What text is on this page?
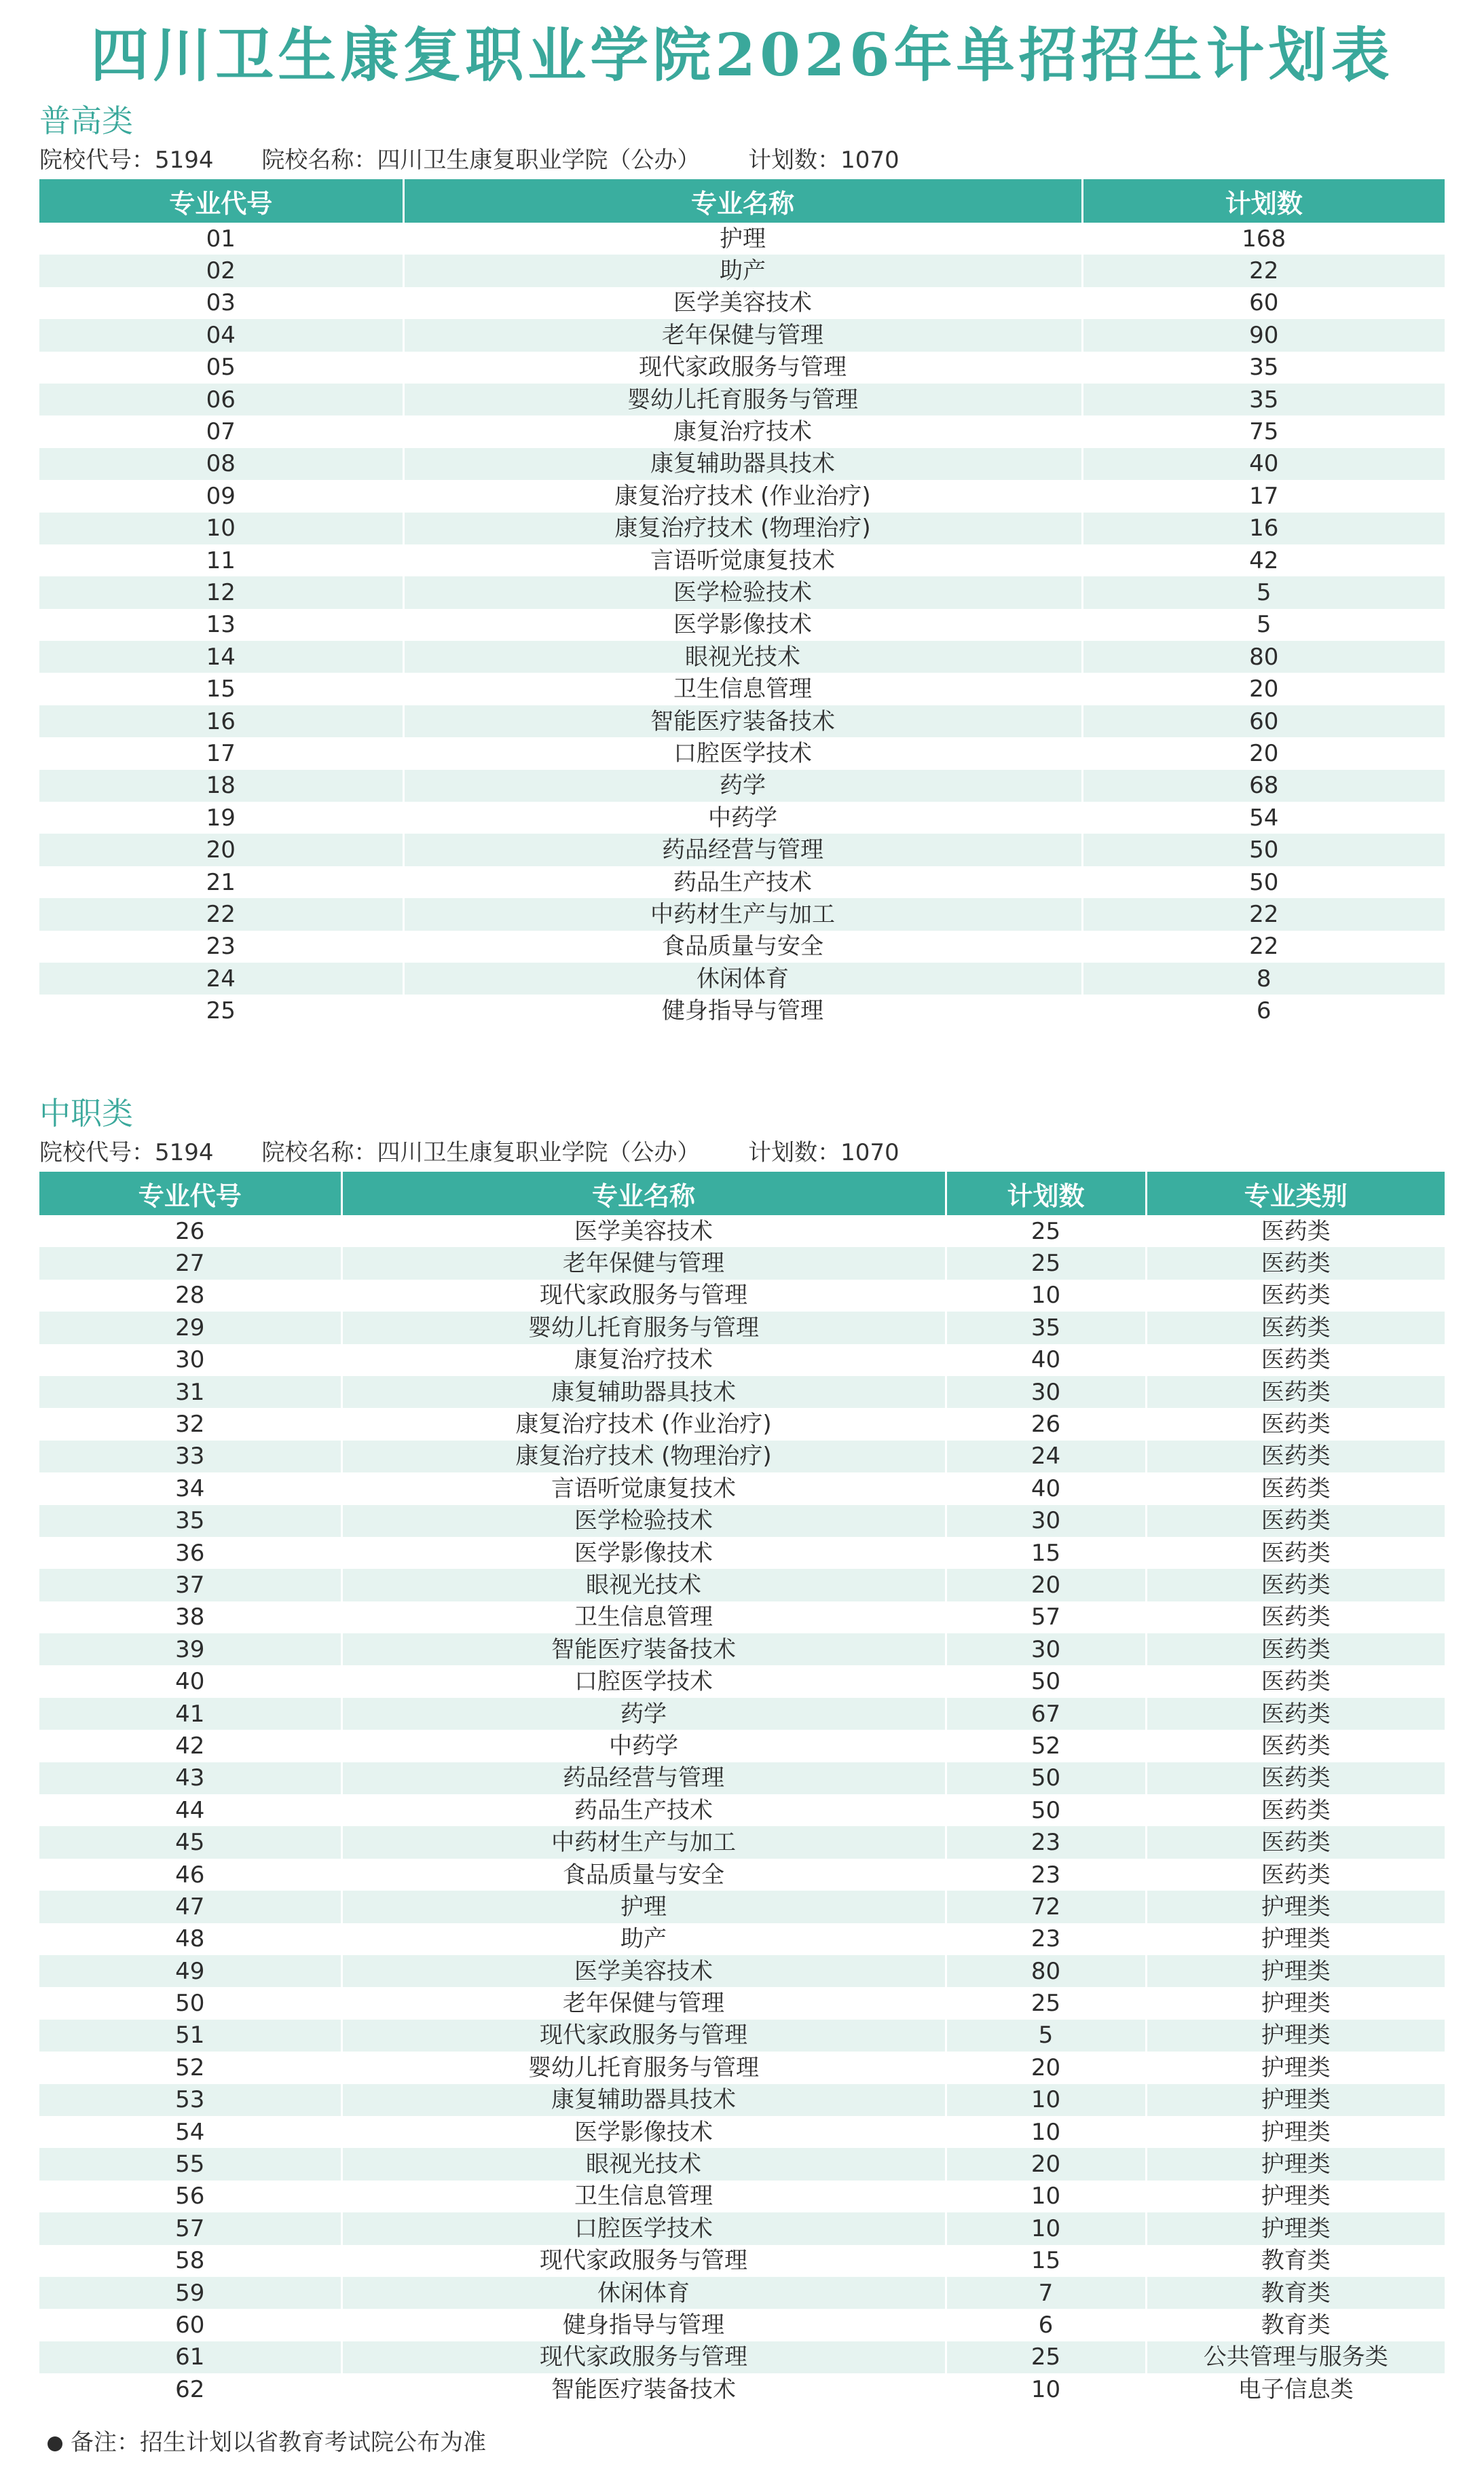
四川卫生康复职业学院2026年单招招生计划表
普高类
院校代号：5194 院校名称：四川卫生康复职业学院（公办） 计划数：1070
专业代号	专业名称	计划数
01	护理	168
02	助产	22
03	医学美容技术	60
04	老年保健与管理	90
05	现代家政服务与管理	35
06	婴幼儿托育服务与管理	35
07	康复治疗技术	75
08	康复辅助器具技术	40
09	康复治疗技术 (作业治疗)	17
10	康复治疗技术 (物理治疗)	16
11	言语听觉康复技术	42
12	医学检验技术	5
13	医学影像技术	5
14	眼视光技术	80
15	卫生信息管理	20
16	智能医疗装备技术	60
17	口腔医学技术	20
18	药学	68
19	中药学	54
20	药品经营与管理	50
21	药品生产技术	50
22	中药材生产与加工	22
23	食品质量与安全	22
24	休闲体育	8
25	健身指导与管理	6
中职类
院校代号：5194 院校名称：四川卫生康复职业学院（公办） 计划数：1070
专业代号	专业名称	计划数	专业类别
26	医学美容技术	25	医药类
27	老年保健与管理	25	医药类
28	现代家政服务与管理	10	医药类
29	婴幼儿托育服务与管理	35	医药类
30	康复治疗技术	40	医药类
31	康复辅助器具技术	30	医药类
32	康复治疗技术 (作业治疗)	26	医药类
33	康复治疗技术 (物理治疗)	24	医药类
34	言语听觉康复技术	40	医药类
35	医学检验技术	30	医药类
36	医学影像技术	15	医药类
37	眼视光技术	20	医药类
38	卫生信息管理	57	医药类
39	智能医疗装备技术	30	医药类
40	口腔医学技术	50	医药类
41	药学	67	医药类
42	中药学	52	医药类
43	药品经营与管理	50	医药类
44	药品生产技术	50	医药类
45	中药材生产与加工	23	医药类
46	食品质量与安全	23	医药类
47	护理	72	护理类
48	助产	23	护理类
49	医学美容技术	80	护理类
50	老年保健与管理	25	护理类
51	现代家政服务与管理	5	护理类
52	婴幼儿托育服务与管理	20	护理类
53	康复辅助器具技术	10	护理类
54	医学影像技术	10	护理类
55	眼视光技术	20	护理类
56	卫生信息管理	10	护理类
57	口腔医学技术	10	护理类
58	现代家政服务与管理	15	教育类
59	休闲体育	7	教育类
60	健身指导与管理	6	教育类
61	现代家政服务与管理	25	公共管理与服务类
62	智能医疗装备技术	10	电子信息类
备注：招生计划以省教育考试院公布为准
